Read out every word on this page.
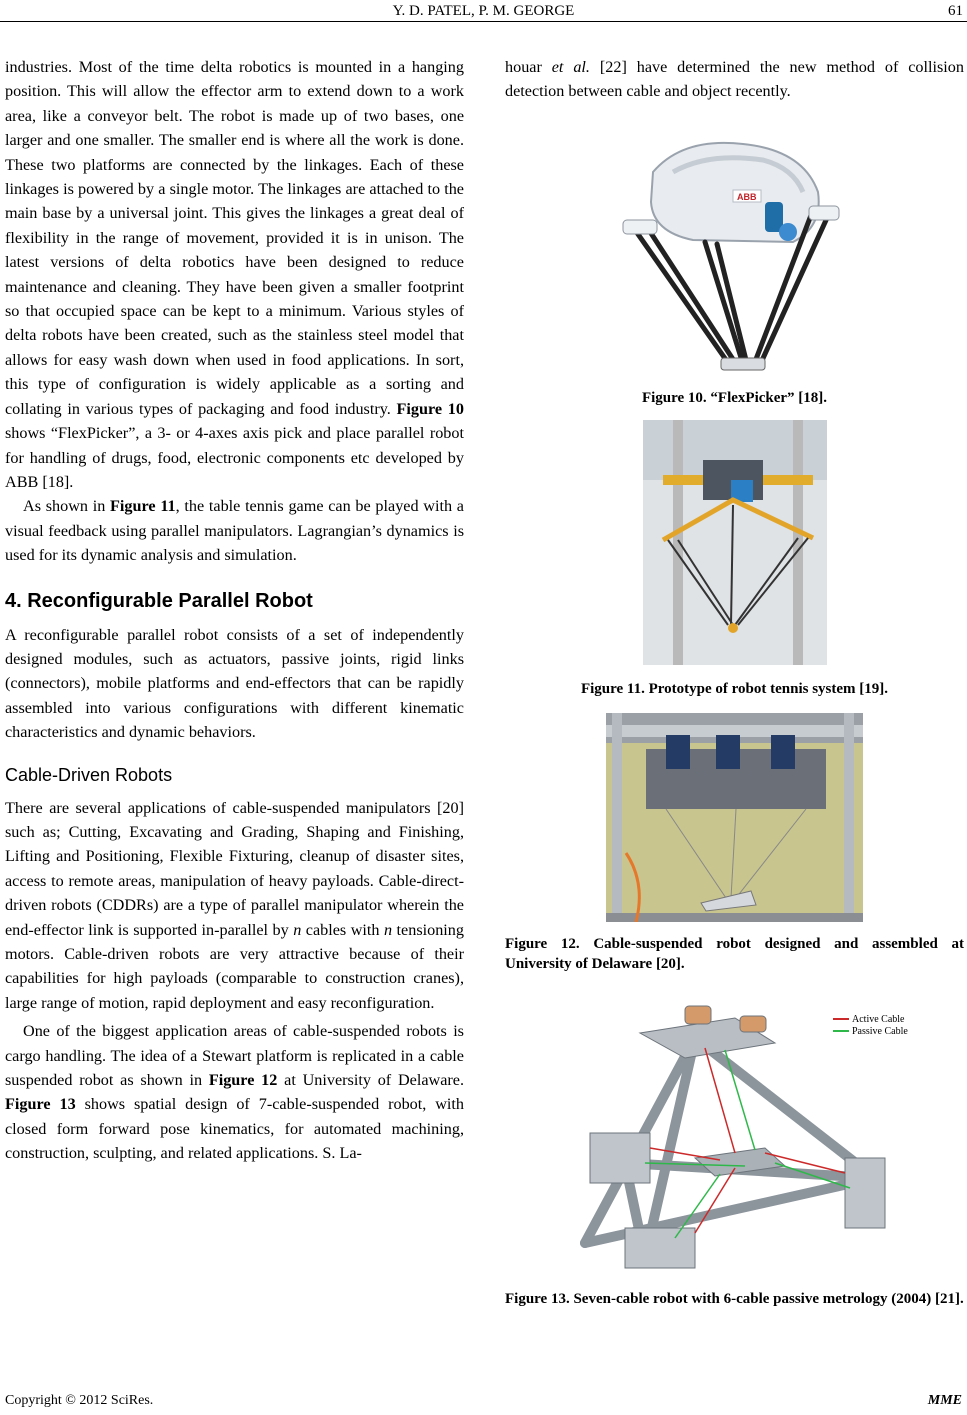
Y. D. PATEL, P. M. GEORGE	61

industries. Most of the time delta robotics is mounted in a hanging position. This will allow the effector arm to extend down to a work area, like a conveyor belt. The robot is made up of two bases, one larger and one smaller. The smaller end is where all the work is done. These two platforms are connected by the linkages. Each of these linkages is powered by a single motor. The linkages are attached to the main base by a universal joint. This gives the linkages a great deal of flexibility in the range of movement, provided it is in unison. The latest versions of delta robotics have been designed to reduce maintenance and cleaning. They have been given a smaller footprint so that occupied space can be kept to a minimum. Various styles of delta robots have been created, such as the stainless steel model that allows for easy wash down when used in food applications. In sort, this type of configuration is widely applicable as a sorting and collating in various types of packaging and food industry. Figure 10 shows “FlexPicker”, a 3- or 4-axes axis pick and place parallel robot for handling of drugs, food, electronic components etc developed by ABB [18].

As shown in Figure 11, the table tennis game can be played with a visual feedback using parallel manipulators. Lagrangian’s dynamics is used for its dynamic analysis and simulation.

4. Reconfigurable Parallel Robot

A reconfigurable parallel robot consists of a set of independently designed modules, such as actuators, passive joints, rigid links (connectors), mobile platforms and end-effectors that can be rapidly assembled into various configurations with different kinematic characteristics and dynamic behaviors.

Cable-Driven Robots

There are several applications of cable-suspended manipulators [20] such as; Cutting, Excavating and Grading, Shaping and Finishing, Lifting and Positioning, Flexible Fixturing, cleanup of disaster sites, access to remote areas, manipulation of heavy payloads. Cable-direct-driven robots (CDDRs) are a type of parallel manipulator wherein the end-effector link is supported in-parallel by n cables with n tensioning motors. Cable-driven robots are very attractive because of their capabilities for high payloads (comparable to construction cranes), large range of motion, rapid deployment and easy reconfiguration.

One of the biggest application areas of cable-suspended robots is cargo handling. The idea of a Stewart platform is replicated in a cable suspended robot as shown in Figure 12 at University of Delaware. Figure 13 shows spatial design of 7-cable-suspended robot, with closed form forward pose kinematics, for automated machining, construction, sculpting, and related applications. S. La-

houar et al. [22] have determined the new method of collision detection between cable and object recently.

ABB
Figure 10. “FlexPicker” [18].
Figure 11. Prototype of robot tennis system [19].
Figure 12. Cable-suspended robot designed and assembled at University of Delaware [20].
Active Cable
Passive Cable
Figure 13. Seven-cable robot with 6-cable passive metrology (2004) [21].
Copyright © 2012 SciRes.	MME
